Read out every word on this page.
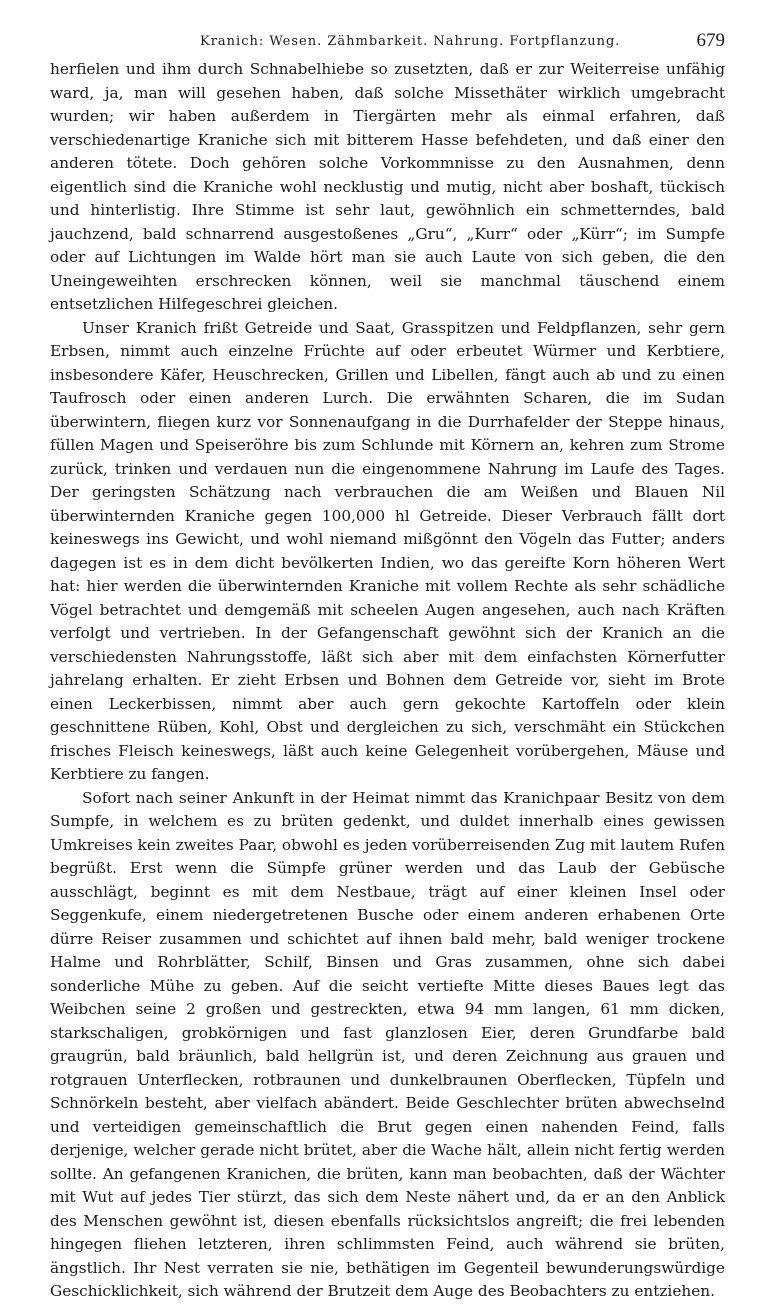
Kranich: Wesen. Zähmbarkeit. Nahrung. Fortpflanzung.	679

herfielen und ihm durch Schnabelhiebe so zusetzten, daß er zur Weiterreise unfähig ward, ja, man will gesehen haben, daß solche Missethäter wirklich umgebracht wurden; wir haben außerdem in Tiergärten mehr als einmal erfahren, daß verschiedenartige Kraniche sich mit bitterem Hasse befehdeten, und daß einer den anderen tötete. Doch gehören solche Vorkommnisse zu den Ausnahmen, denn eigentlich sind die Kraniche wohl necklustig und mutig, nicht aber boshaft, tückisch und hinterlistig. Ihre Stimme ist sehr laut, gewöhnlich ein schmetterndes, bald jauchzend, bald schnarrend ausgestoßenes „Gru“, „Kurr“ oder „Kürr“; im Sumpfe oder auf Lichtungen im Walde hört man sie auch Laute von sich geben, die den Uneingeweihten erschrecken können, weil sie manchmal täuschend einem entsetzlichen Hilfegeschrei gleichen.

Unser Kranich frißt Getreide und Saat, Grasspitzen und Feldpflanzen, sehr gern Erbsen, nimmt auch einzelne Früchte auf oder erbeutet Würmer und Kerbtiere, insbesondere Käfer, Heuschrecken, Grillen und Libellen, fängt auch ab und zu einen Taufrosch oder einen anderen Lurch. Die erwähnten Scharen, die im Sudan überwintern, fliegen kurz vor Sonnenaufgang in die Durrhafelder der Steppe hinaus, füllen Magen und Speiseröhre bis zum Schlunde mit Körnern an, kehren zum Strome zurück, trinken und verdauen nun die eingenommene Nahrung im Laufe des Tages. Der geringsten Schätzung nach verbrauchen die am Weißen und Blauen Nil überwinternden Kraniche gegen 100,000 hl Getreide. Dieser Verbrauch fällt dort keineswegs ins Gewicht, und wohl niemand mißgönnt den Vögeln das Futter; anders dagegen ist es in dem dicht bevölkerten Indien, wo das gereifte Korn höheren Wert hat: hier werden die überwinternden Kraniche mit vollem Rechte als sehr schädliche Vögel betrachtet und demgemäß mit scheelen Augen angesehen, auch nach Kräften verfolgt und vertrieben. In der Gefangenschaft gewöhnt sich der Kranich an die verschiedensten Nahrungsstoffe, läßt sich aber mit dem einfachsten Körnerfutter jahrelang erhalten. Er zieht Erbsen und Bohnen dem Getreide vor, sieht im Brote einen Leckerbissen, nimmt aber auch gern gekochte Kartoffeln oder klein geschnittene Rüben, Kohl, Obst und dergleichen zu sich, verschmäht ein Stückchen frisches Fleisch keineswegs, läßt auch keine Gelegenheit vorübergehen, Mäuse und Kerbtiere zu fangen.

Sofort nach seiner Ankunft in der Heimat nimmt das Kranichpaar Besitz von dem Sumpfe, in welchem es zu brüten gedenkt, und duldet innerhalb eines gewissen Umkreises kein zweites Paar, obwohl es jeden vorüberreisenden Zug mit lautem Rufen begrüßt. Erst wenn die Sümpfe grüner werden und das Laub der Gebüsche ausschlägt, beginnt es mit dem Nestbaue, trägt auf einer kleinen Insel oder Seggenkufe, einem niedergetretenen Busche oder einem anderen erhabenen Orte dürre Reiser zusammen und schichtet auf ihnen bald mehr, bald weniger trockene Halme und Rohrblätter, Schilf, Binsen und Gras zusammen, ohne sich dabei sonderliche Mühe zu geben. Auf die seicht vertiefte Mitte dieses Baues legt das Weibchen seine 2 großen und gestreckten, etwa 94 mm langen, 61 mm dicken, starkschaligen, grobkörnigen und fast glanzlosen Eier, deren Grundfarbe bald graugrün, bald bräunlich, bald hellgrün ist, und deren Zeichnung aus grauen und rotgrauen Unterflecken, rotbraunen und dunkelbraunen Oberflecken, Tüpfeln und Schnörkeln besteht, aber vielfach abändert. Beide Geschlechter brüten abwechselnd und verteidigen gemeinschaftlich die Brut gegen einen nahenden Feind, falls derjenige, welcher gerade nicht brütet, aber die Wache hält, allein nicht fertig werden sollte. An gefangenen Kranichen, die brüten, kann man beobachten, daß der Wächter mit Wut auf jedes Tier stürzt, das sich dem Neste nähert und, da er an den Anblick des Menschen gewöhnt ist, diesen ebenfalls rücksichtslos angreift; die frei lebenden hingegen fliehen letzteren, ihren schlimmsten Feind, auch während sie brüten, ängstlich. Ihr Nest verraten sie nie, bethätigen im Gegenteil bewunderungswürdige Geschicklichkeit, sich während der Brutzeit dem Auge des Beobachters zu entziehen.
